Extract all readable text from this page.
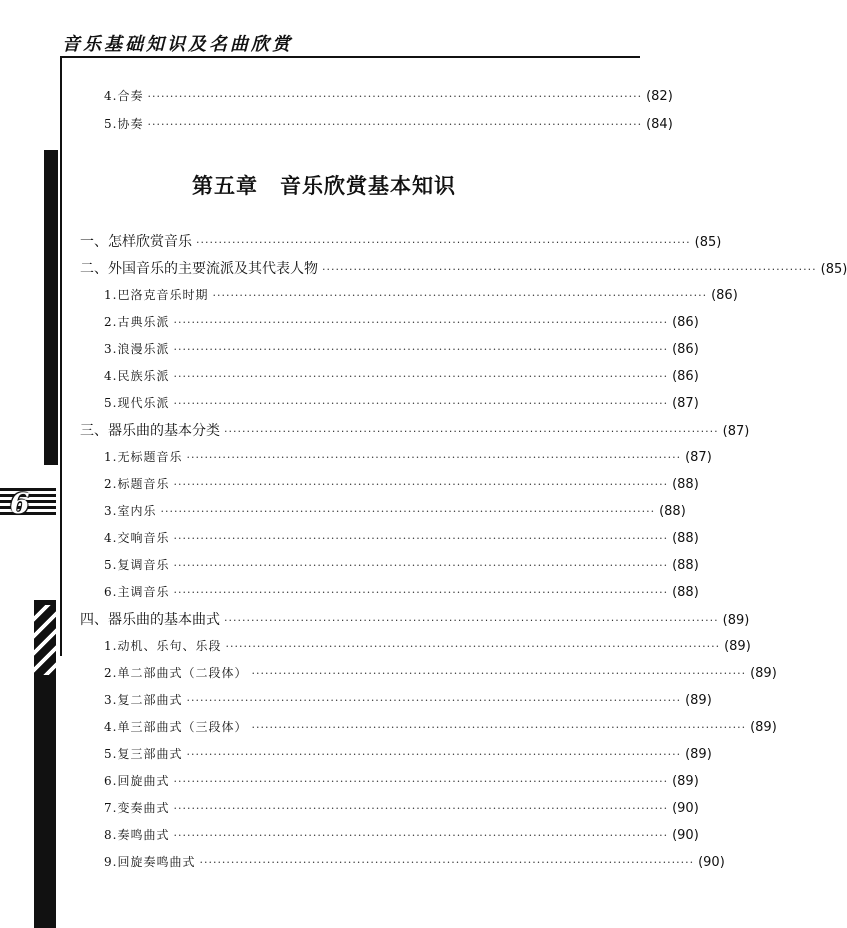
音乐基础知识及名曲欣赏
6
4.合奏 ·············································································································· (82)
5.协奏 ·············································································································· (84)
第五章　音乐欣赏基本知识
一、怎样欣赏音乐 ·············································································································· (85)
二、外国音乐的主要流派及其代表人物 ·············································································································· (85)
1.巴洛克音乐时期 ·············································································································· (86)
2.古典乐派 ·············································································································· (86)
3.浪漫乐派 ·············································································································· (86)
4.民族乐派 ·············································································································· (86)
5.现代乐派 ·············································································································· (87)
三、器乐曲的基本分类 ·············································································································· (87)
1.无标题音乐 ·············································································································· (87)
2.标题音乐 ·············································································································· (88)
3.室内乐 ·············································································································· (88)
4.交响音乐 ·············································································································· (88)
5.复调音乐 ·············································································································· (88)
6.主调音乐 ·············································································································· (88)
四、器乐曲的基本曲式 ·············································································································· (89)
1.动机、乐句、乐段 ·············································································································· (89)
2.单二部曲式（二段体） ·············································································································· (89)
3.复二部曲式 ·············································································································· (89)
4.单三部曲式（三段体） ·············································································································· (89)
5.复三部曲式 ·············································································································· (89)
6.回旋曲式 ·············································································································· (89)
7.变奏曲式 ·············································································································· (90)
8.奏鸣曲式 ·············································································································· (90)
9.回旋奏鸣曲式 ·············································································································· (90)
